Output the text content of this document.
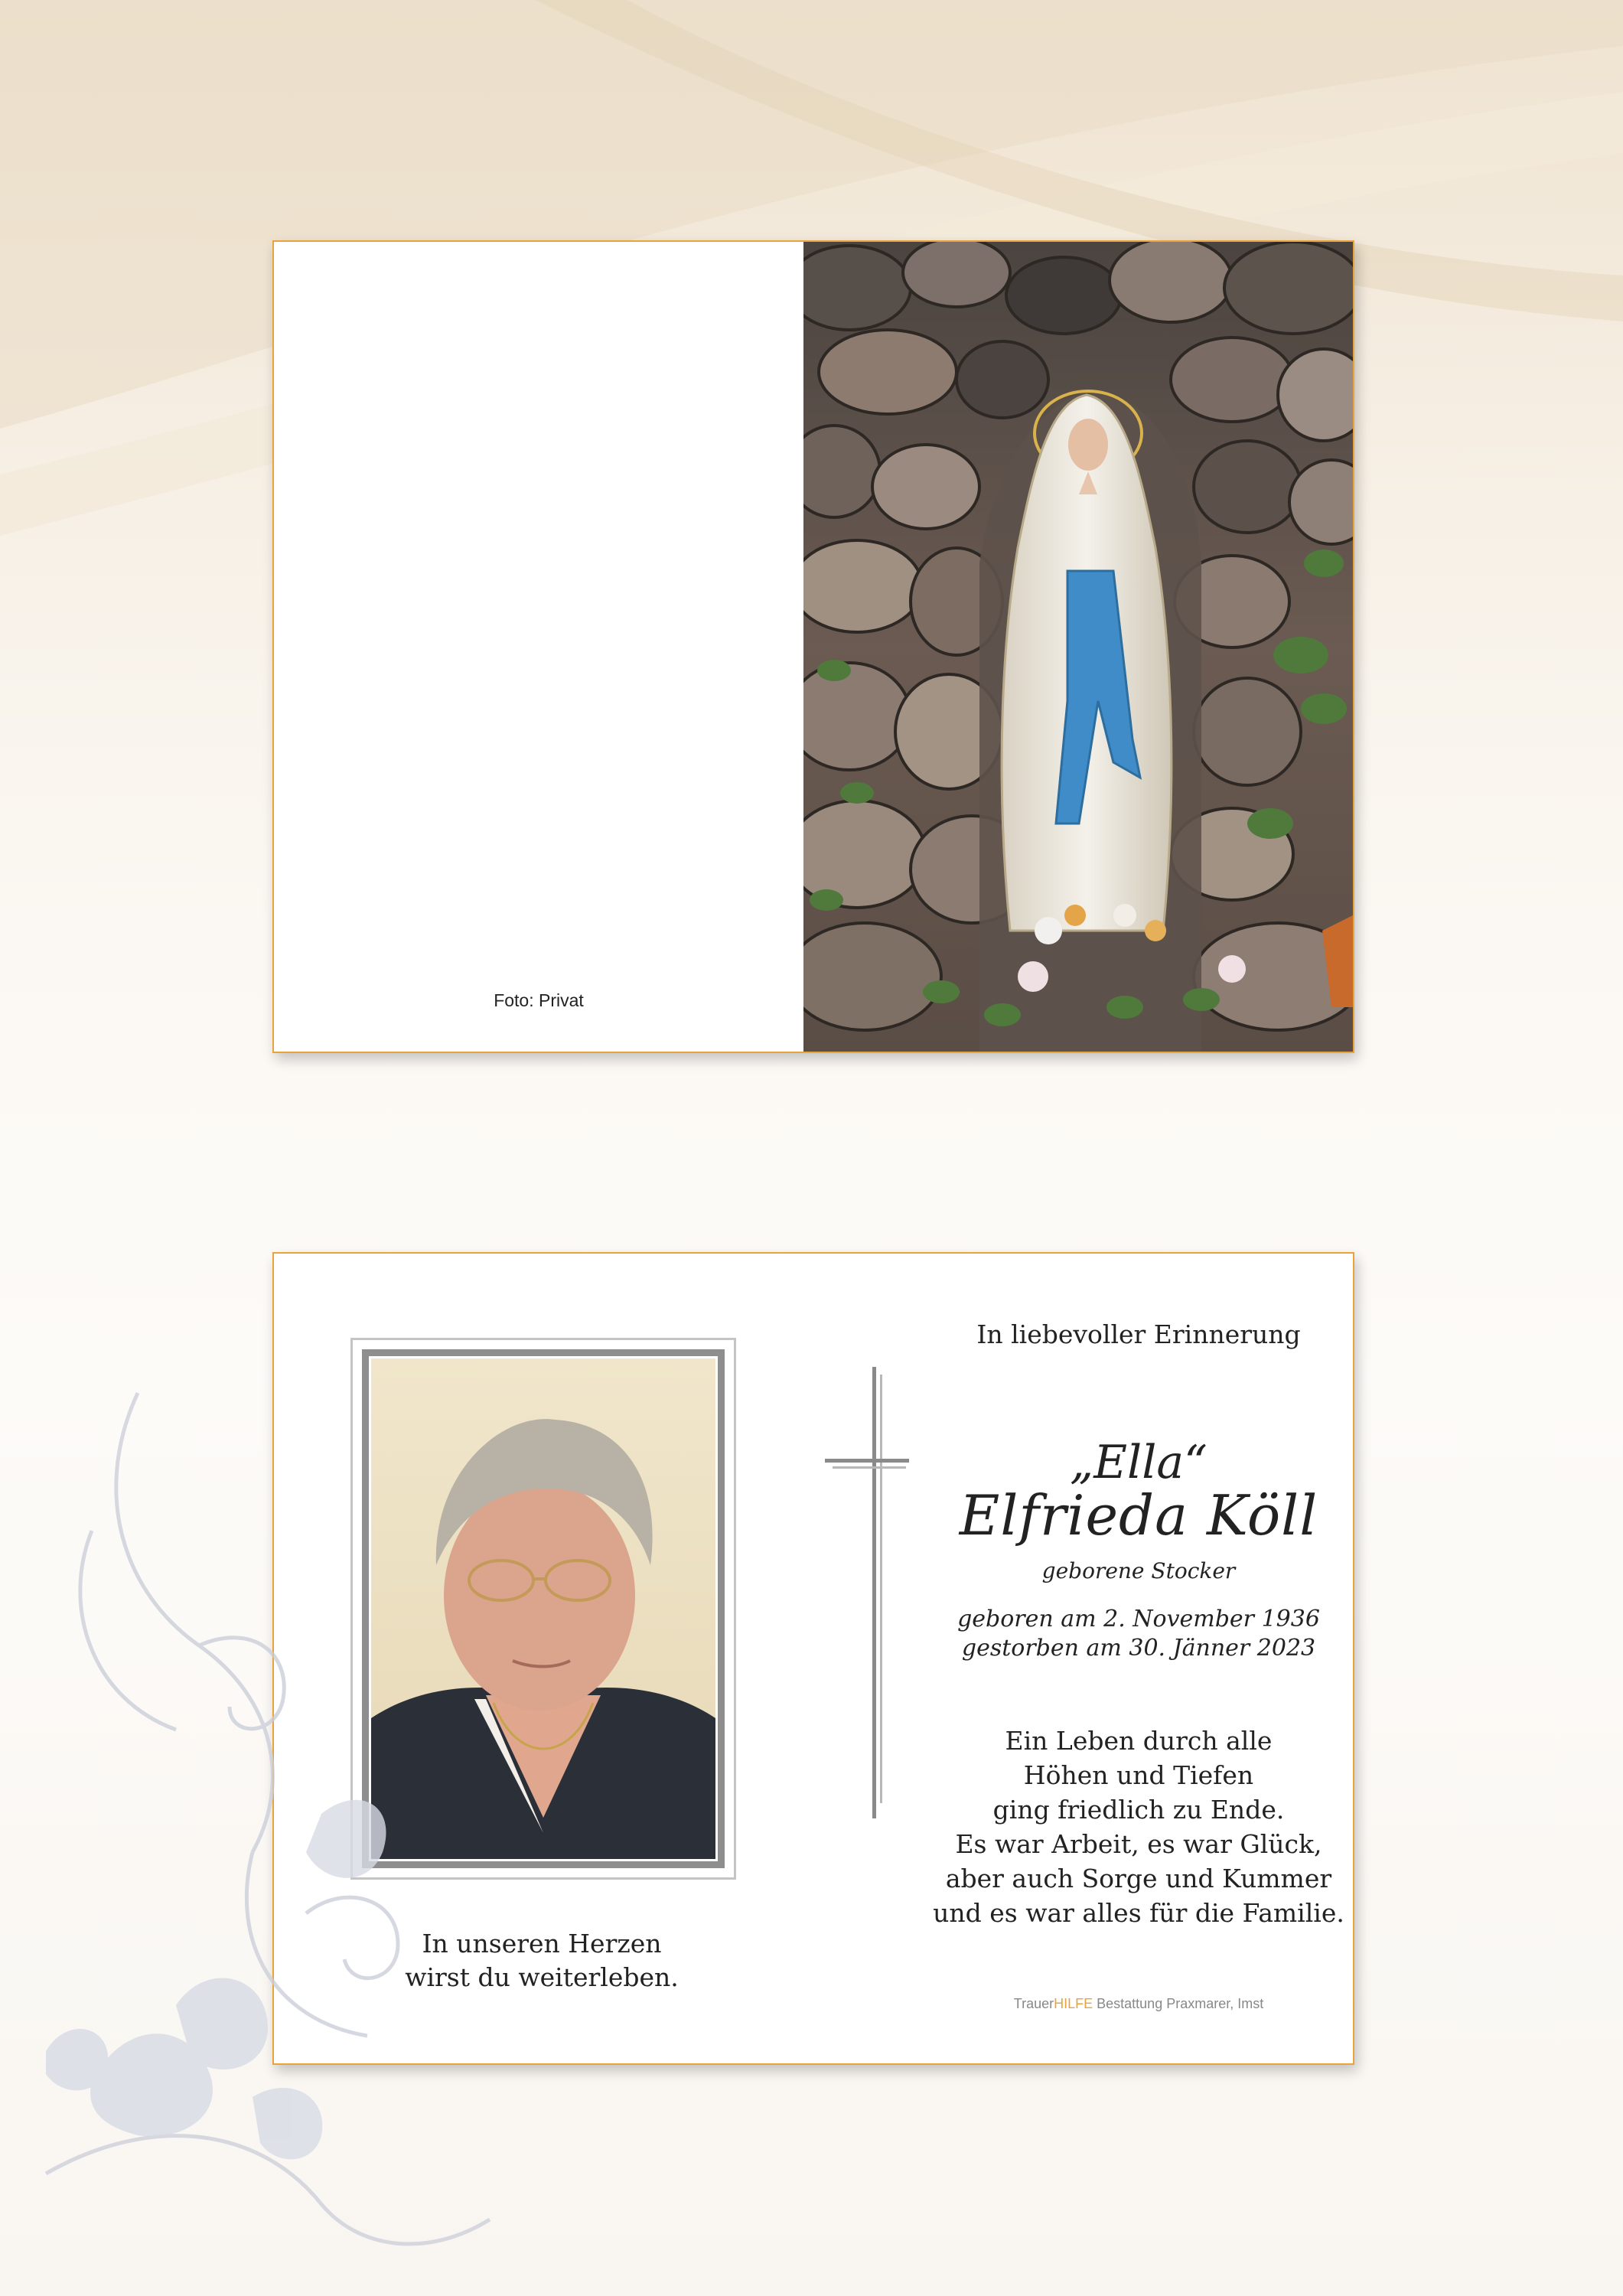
Foto: Privat
In unseren Herzen
wirst du weiterleben.
In liebevoller Erinnerung
„Ella“
Elfrieda Köll
geborene Stocker
geboren am 2. November 1936
gestorben am 30. Jänner 2023
Ein Leben durch alle
Höhen und Tiefen
ging friedlich zu Ende.
Es war Arbeit, es war Glück,
aber auch Sorge und Kummer
und es war alles für die Familie.
TrauerHILFE Bestattung Praxmarer, Imst
